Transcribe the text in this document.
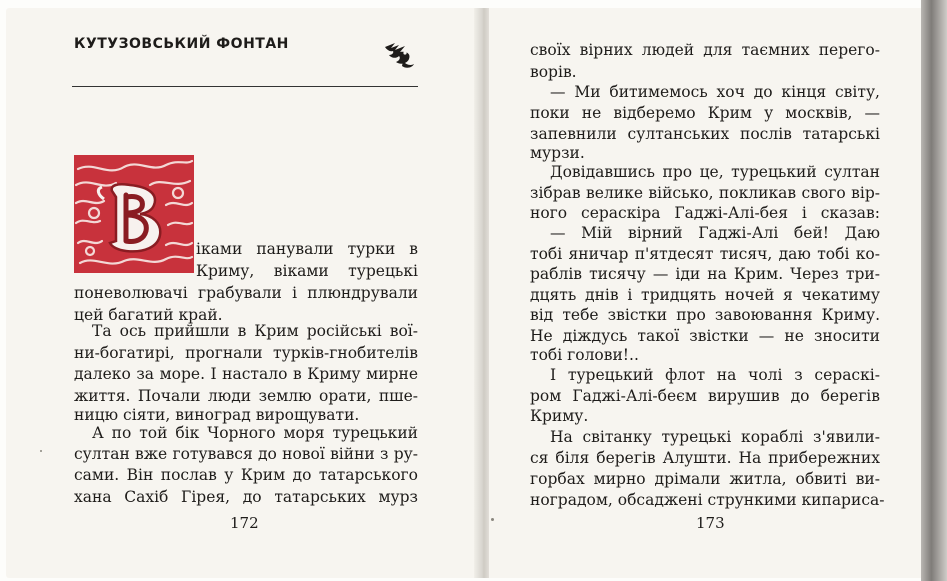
КУТУЗОВСЬКИЙ ФОНТАН
іками панували турки в
Криму, віками турецькі
поневолювачі грабували і плюндрували
цей багатий край.
Та ось прийшли в Крим російські вої-
ни-богатирі, прогнали турків-гнобителів
далеко за море. І настало в Криму мирне
життя. Почали люди землю орати, пше-
ницю сіяти, виноград вирощувати.
А по той бік Чорного моря турецький
султан вже готувався до нової війни з ру-
сами. Він послав у Крим до татарського
хана Сахіб Гірея, до татарських мурз
172
своїх вірних людей для таємних перего-
ворів.
— Ми битимемось хоч до кінця світу,
поки не відберемо Крим у москвів, —
запевнили султанських послів татарські
мурзи.
Довідавшись про це, турецький султан
зібрав велике військо, покликав свого вір-
ного сераскіра Гаджі-Алі-бея і сказав:
— Мій вірний Гаджі-Алі бей! Даю
тобі яничар п'ятдесят тисяч, даю тобі ко-
раблів тисячу — іди на Крим. Через три-
дцять днів і тридцять ночей я чекатиму
від тебе звістки про завоювання Криму.
Не діждусь такої звістки — не зносити
тобі голови!..
І турецький флот на чолі з сераскі-
ром Гаджі-Алі-беєм вирушив до берегів
Криму.
На світанку турецькі кораблі з'явили-
ся біля берегів Алушти. На прибережних
горбах мирно дрімали житла, обвиті ви-
ноградом, обсаджені стрункими кипариса-
173
